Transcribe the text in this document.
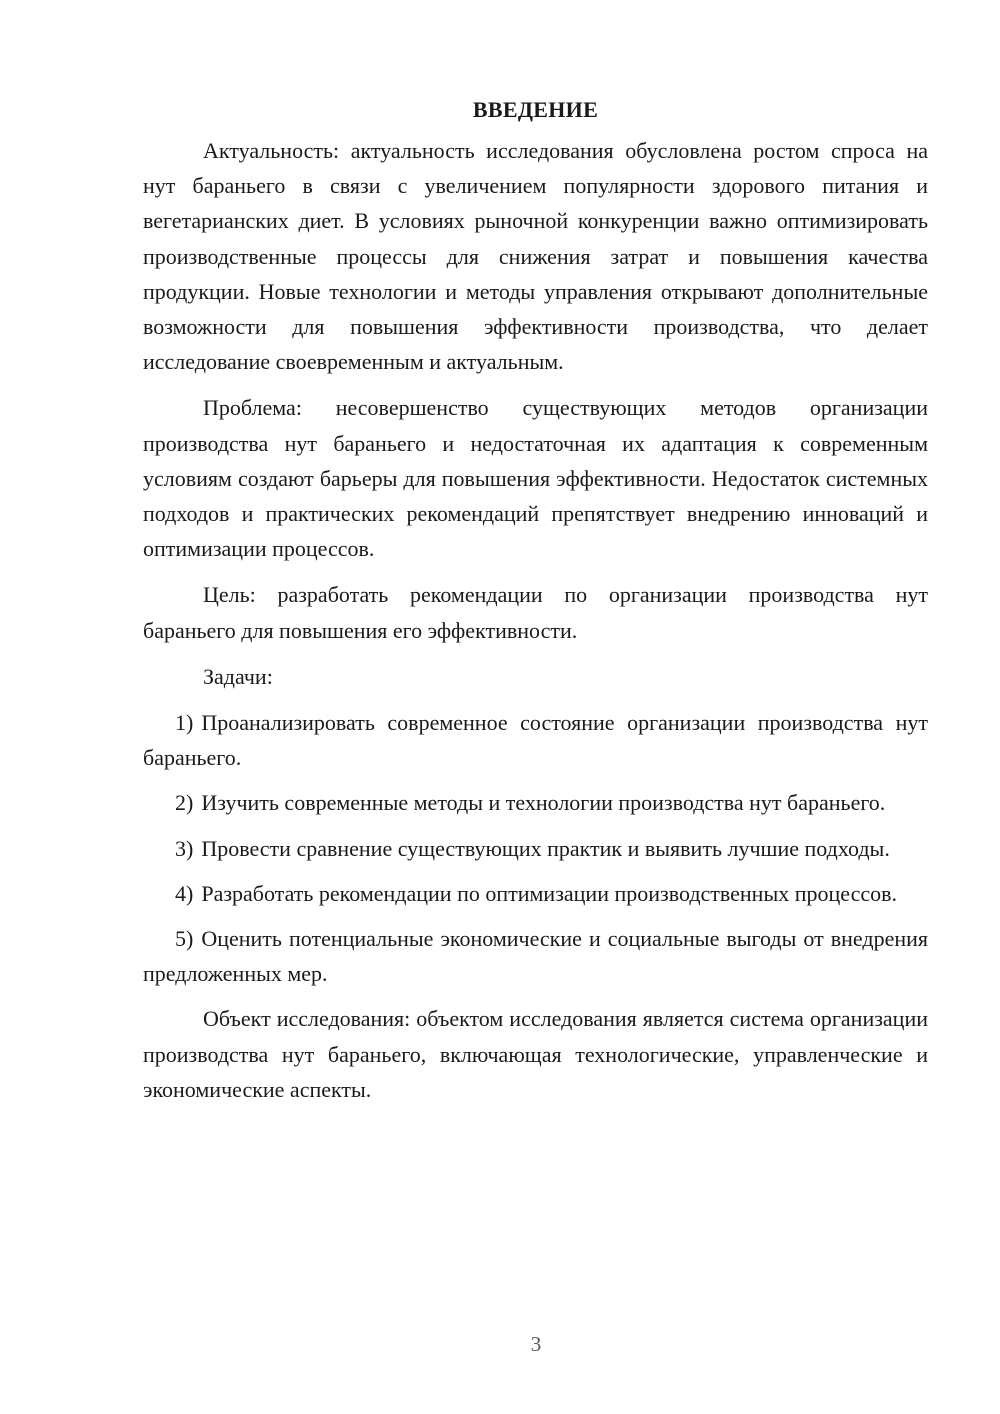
ВВЕДЕНИЕ

Актуальность: актуальность исследования обусловлена ростом спроса на нут бараньего в связи с увеличением популярности здорового питания и вегетарианских диет. В условиях рыночной конкуренции важно оптимизировать производственные процессы для снижения затрат и повышения качества продукции. Новые технологии и методы управления открывают дополнительные возможности для повышения эффективности производства, что делает исследование своевременным и актуальным.

Проблема: несовершенство существующих методов организации производства нут бараньего и недостаточная их адаптация к современным условиям создают барьеры для повышения эффективности. Недостаток системных подходов и практических рекомендаций препятствует внедрению инноваций и оптимизации процессов.

Цель: разработать рекомендации по организации производства нут бараньего для повышения его эффективности.

Задачи:

1) Проанализировать современное состояние организации производства нут бараньего.

2) Изучить современные методы и технологии производства нут бараньего.

3) Провести сравнение существующих практик и выявить лучшие подходы.

4) Разработать рекомендации по оптимизации производственных процессов.

5) Оценить потенциальные экономические и социальные выгоды от внедрения предложенных мер.

Объект исследования: объектом исследования является система организации производства нут бараньего, включающая технологические, управленческие и экономические аспекты.

3
